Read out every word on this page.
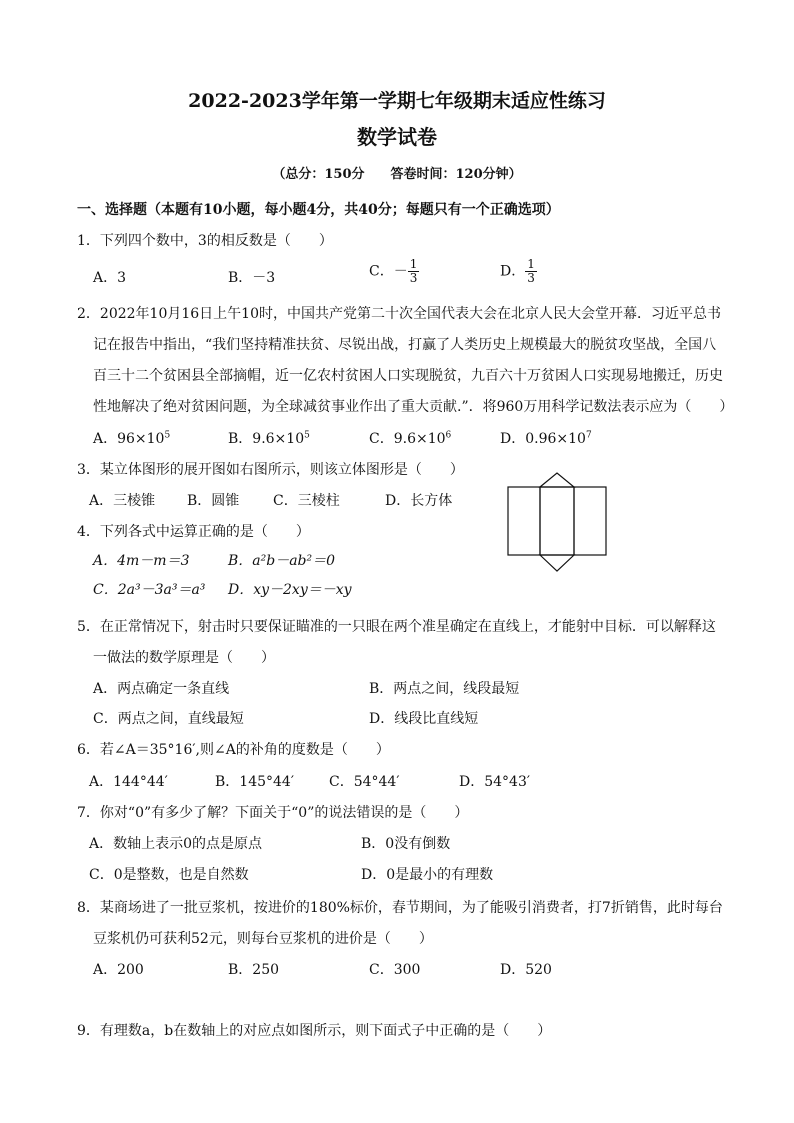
2022-2023学年第一学期七年级期末适应性练习
数学试卷
（总分：150分　　答卷时间：120分钟）
一、选择题（本题有10小题，每小题4分，共40分；每题只有一个正确选项）
1．下列四个数中，3的相反数是（　　）
A．3	B．－3	C．－ $\frac{1}{3}$	D． $\frac{1}{3}$
2．2022年10月16日上午10时，中国共产党第二十次全国代表大会在北京人民大会堂开幕．习近平总书
记在报告中指出，“我们坚持精准扶贫、尽锐出战，打赢了人类历史上规模最大的脱贫攻坚战，全国八
百三十二个贫困县全部摘帽，近一亿农村贫困人口实现脱贫，九百六十万贫困人口实现易地搬迁，历史
性地解决了绝对贫困问题，为全球减贫事业作出了重大贡献.”．将960万用科学记数法表示应为（　　）
A．$96\times 10^5$	B．$9.6\times 10^5$	C．$9.6\times 10^6$	D．$0.96\times 10^7$
3．某立体图形的展开图如右图所示，则该立体图形是（　　）
A．三棱锥 B．圆锥 C．三棱柱	D．长方体
4．下列各式中运算正确的是（　　）
A．4m－m＝3	B．a²b－ab²＝0
C．2a³－3a³＝a³ D．xy－2xy＝－xy
5．在正常情况下，射击时只要保证瞄准的一只眼在两个准星确定在直线上，才能射中目标．可以解释这
一做法的数学原理是（　　）
A．两点确定一条直线	B．两点之间，线段最短
C．两点之间，直线最短	D．线段比直线短
6．若∠A＝35°16′,则∠A的补角的度数是（　　）
A．144°44′	B．145°44′ C．54°44′	D．54°43′
7．你对“0”有多少了解？下面关于“0”的说法错误的是（　　）
A．数轴上表示0的点是原点	B．0没有倒数
C．0是整数，也是自然数	D．0是最小的有理数
8．某商场进了一批豆浆机，按进价的180%标价，春节期间，为了能吸引消费者，打7折销售，此时每台
豆浆机仍可获利52元，则每台豆浆机的进价是（　　）
A．200	B．250	C．300	D．520
9．有理数a，b在数轴上的对应点如图所示，则下面式子中正确的是（　　）
